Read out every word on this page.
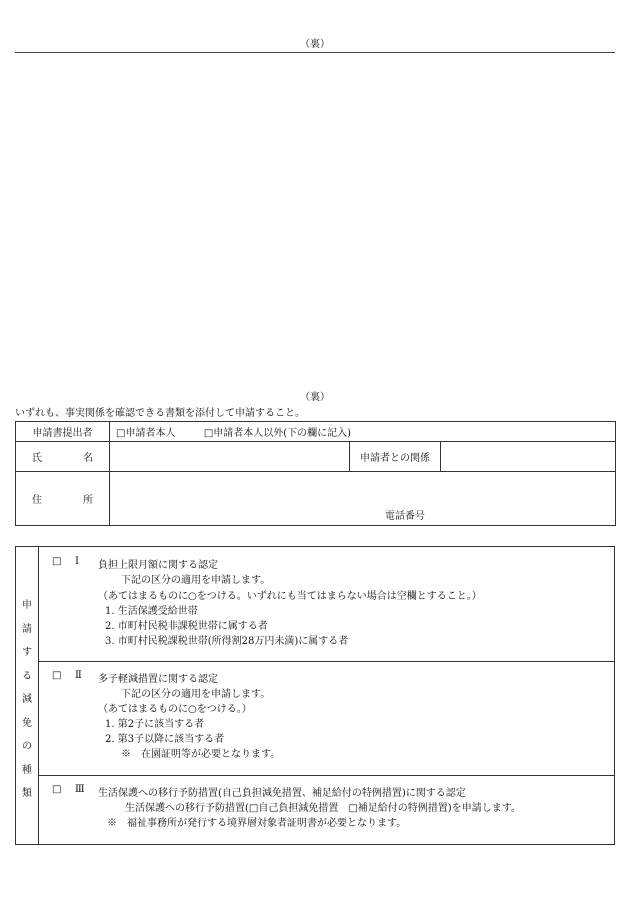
（裏）
（裏）
いずれも、事実関係を確認できる書類を添付して申請すること。
申請書提出者	□申請者本人 □申請者本人以外(下の欄に記入)		

氏 名		申請者との関係	

住 所	電話番号		
申
請
す
る
減
免
の
種
類
□ Ⅰ 負担上限月額に関する認定
下記の区分の適用を申請します。
（あてはまるものに○をつける。いずれにも当てはまらない場合は空欄とすること。）
1. 生活保護受給世帯
2. 市町村民税非課税世帯に属する者
3. 市町村民税課税世帯(所得割28万円未満)に属する者
□ Ⅱ 多子軽減措置に関する認定
下記の区分の適用を申請します。
（あてはまるものに○をつける。）
1. 第2子に該当する者
2. 第3子以降に該当する者
※　在園証明等が必要となります。
□ Ⅲ 生活保護への移行予防措置(自己負担減免措置、補足給付の特例措置)に関する認定
生活保護への移行予防措置(□自己負担減免措置　□補足給付の特例措置)を申請します。
※　福祉事務所が発行する境界層対象者証明書が必要となります。
